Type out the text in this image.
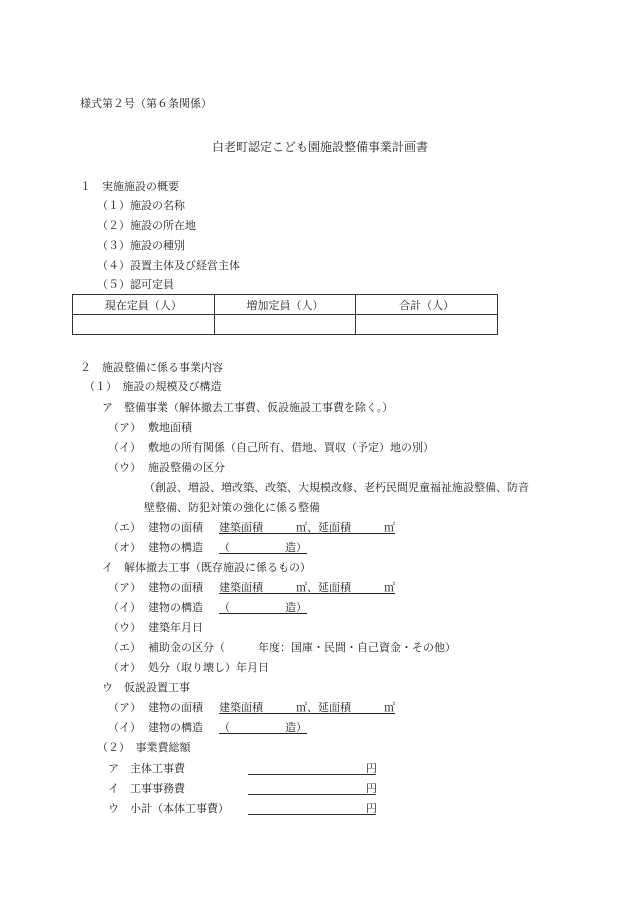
様式第２号（第６条関係）
白老町認定こども園施設整備事業計画書
１　実施施設の概要
（１）施設の名称
（２）施設の所在地
（３）施設の種別
（４）設置主体及び経営主体
（５）認可定員
現在定員（人）	増加定員（人）	合計（人）

２　施設整備に係る事業内容
（１）　施設の規模及び構造
ア　整備事業（解体撤去工事費、仮設施設工事費を除く。）
（ア） 敷地面積
（イ） 敷地の所有関係（自己所有、借地、買収（予定）地の別）
（ウ） 施設整備の区分
（創設、増設、増改築、改築、大規模改修、老朽民間児童福祉施設整備、防音
壁整備、防犯対策の強化に係る整備
（エ） 建物の面積 建築面積　　　㎡、延面積　　　㎡
（オ） 建物の構造 （　　　　　造）
イ　解体撤去工事（既存施設に係るもの）
（ア） 建物の面積 建築面積　　　㎡、延面積　　　㎡
（イ） 建物の構造 （　　　　　造）
（ウ） 建築年月日
（エ） 補助金の区分（　　　年度：国庫・民間・自己資金・その他）
（オ） 処分（取り壊し）年月日
ウ　仮説設置工事
（ア） 建物の面積 建築面積　　　㎡、延面積　　　㎡
（イ） 建物の構造 （　　　　　造）
（２）　事業費総額
ア　主体工事費	円
イ　工事事務費	円
ウ　小計（本体工事費）	円
